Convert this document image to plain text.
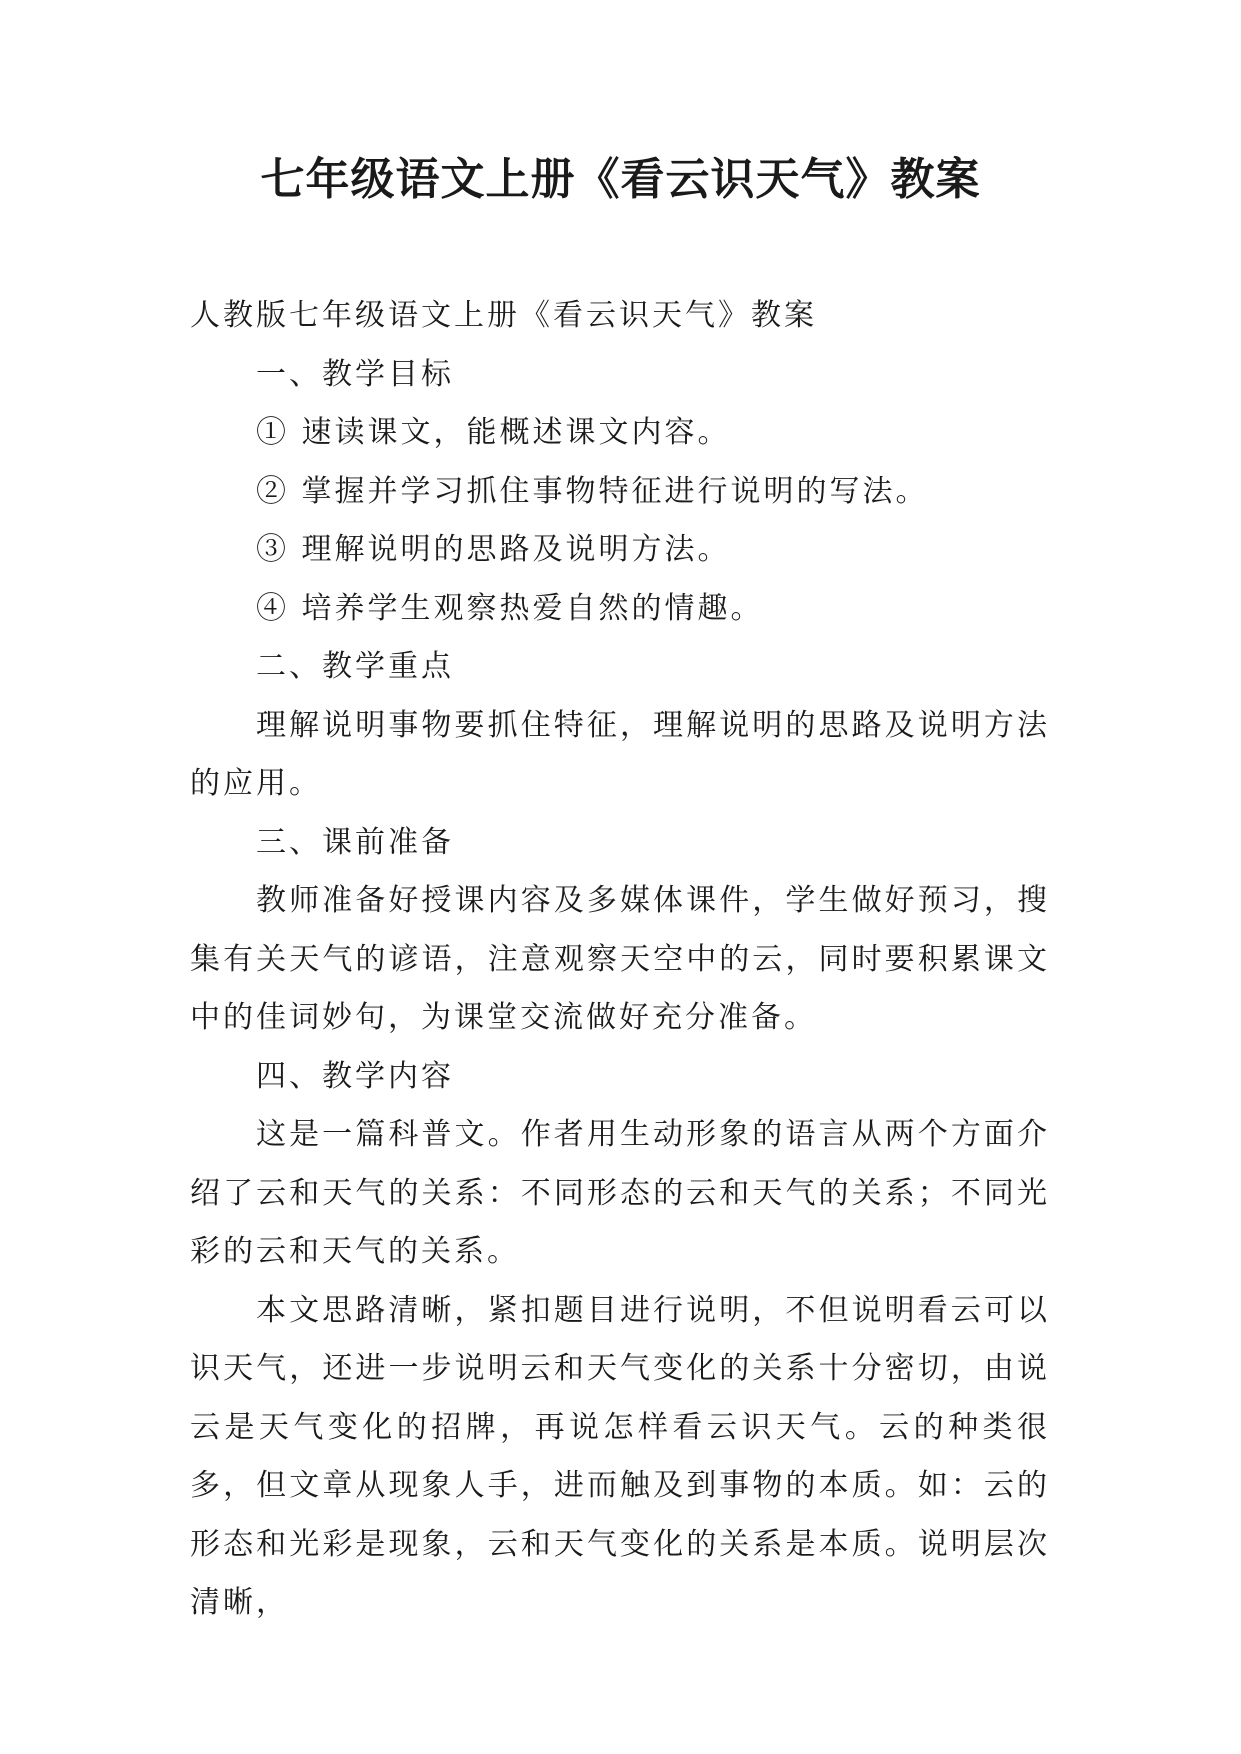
七年级语文上册《看云识天气》教案

人教版七年级语文上册《看云识天气》教案

一、教学目标

① 速读课文，能概述课文内容。

② 掌握并学习抓住事物特征进行说明的写法。

③ 理解说明的思路及说明方法。

④ 培养学生观察热爱自然的情趣。

二、教学重点

理解说明事物要抓住特征，理解说明的思路及说明方法的应用。

三、课前准备

教师准备好授课内容及多媒体课件，学生做好预习，搜集有关天气的谚语，注意观察天空中的云，同时要积累课文中的佳词妙句，为课堂交流做好充分准备。

四、教学内容

这是一篇科普文。作者用生动形象的语言从两个方面介绍了云和天气的关系：不同形态的云和天气的关系；不同光彩的云和天气的关系。

本文思路清晰，紧扣题目进行说明，不但说明看云可以识天气，还进一步说明云和天气变化的关系十分密切，由说云是天气变化的招牌，再说怎样看云识天气。云的种类很多，但文章从现象人手，进而触及到事物的本质。如：云的形态和光彩是现象，云和天气变化的关系是本质。说明层次清晰，
